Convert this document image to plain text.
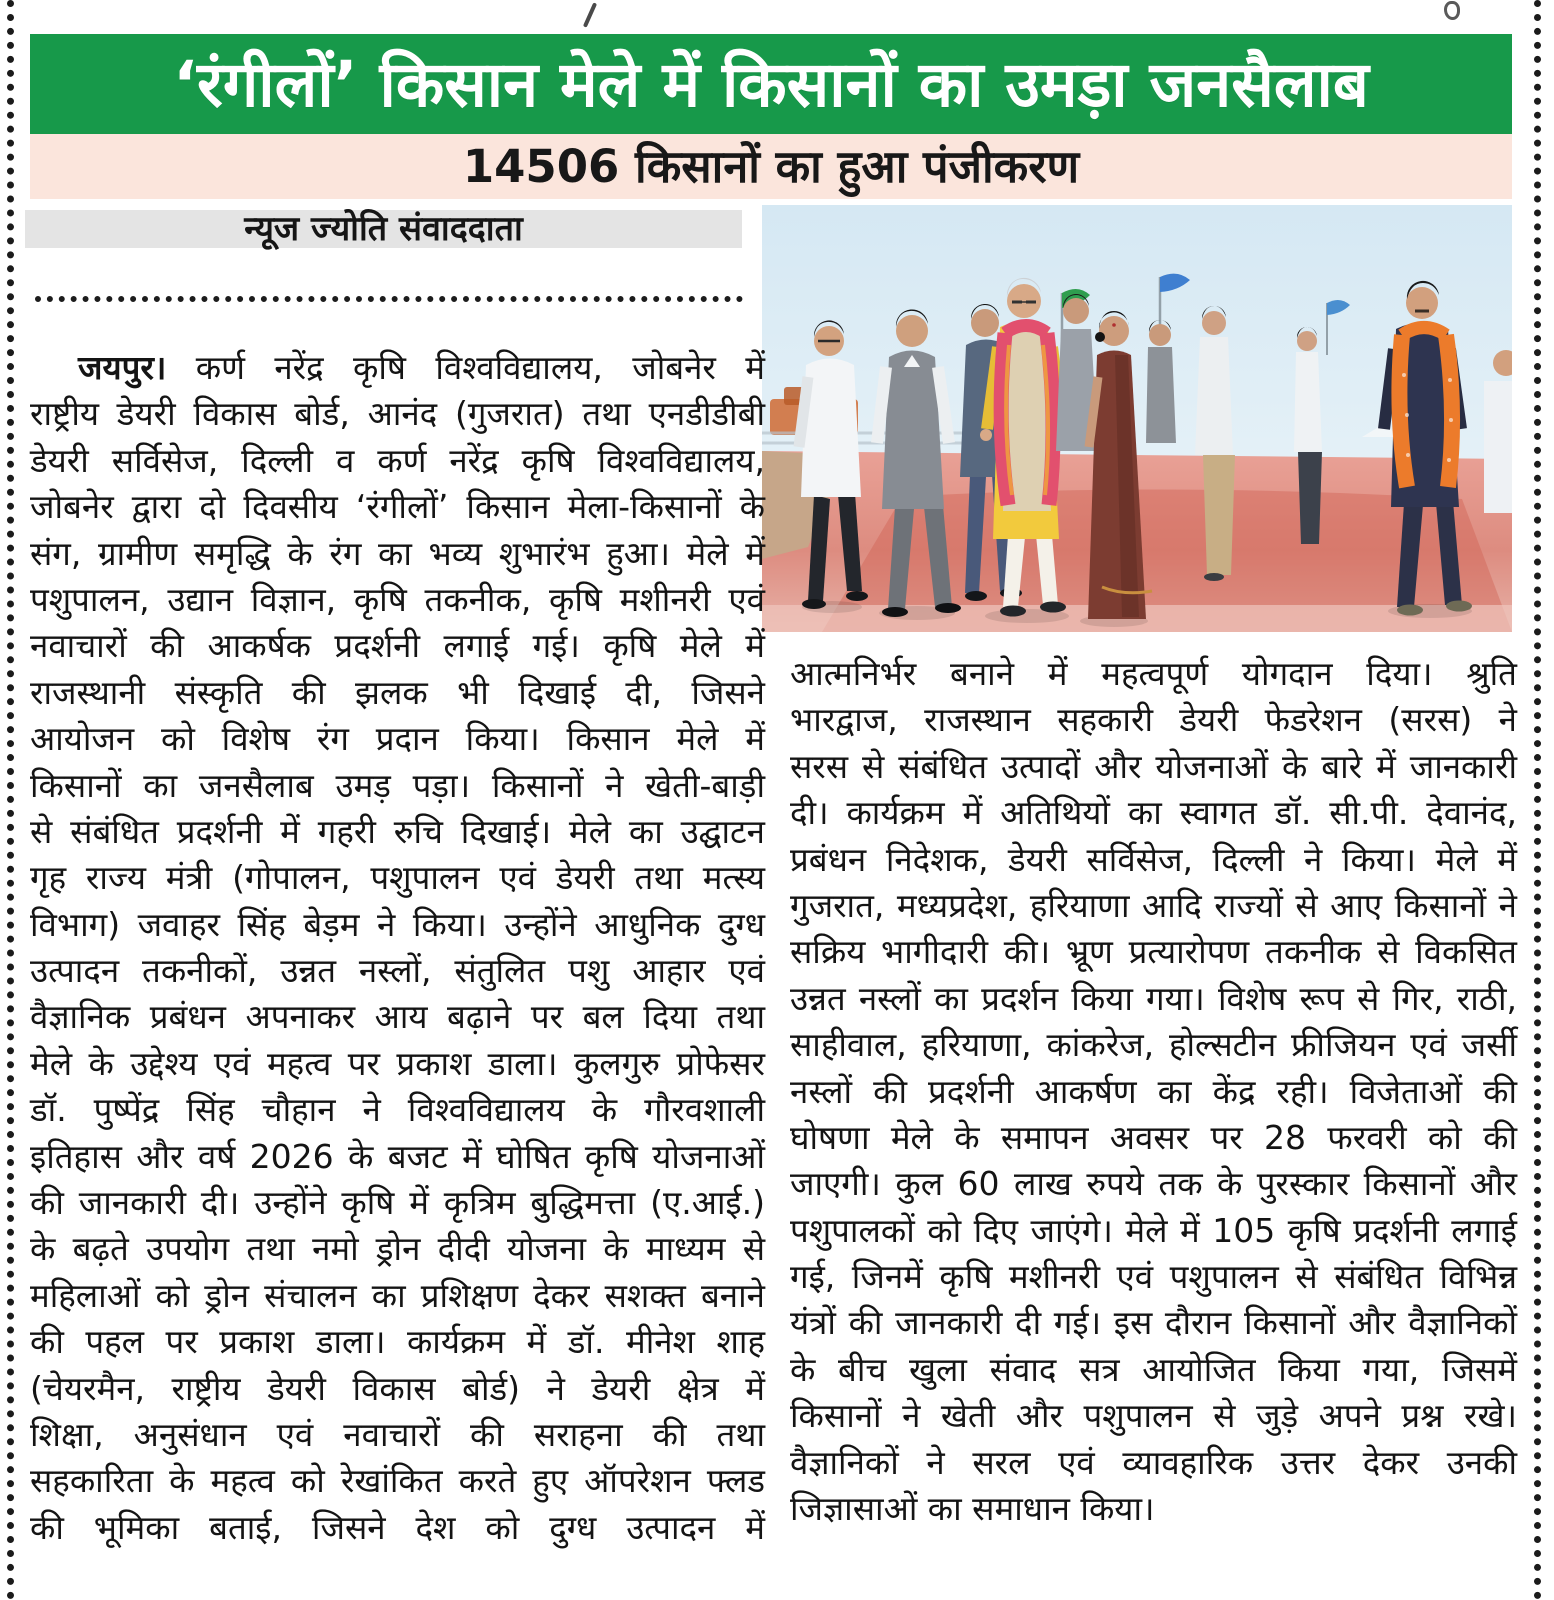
‘रंगीलों’ किसान मेले में किसानों का उमड़ा जनसैलाब
14506 किसानों का हुआ पंजीकरण
न्यूज ज्योति संवाददाता
जयपुर। कर्ण नरेंद्र कृषि विश्वविद्यालय, जोबनेर में
राष्ट्रीय डेयरी विकास बोर्ड, आनंद (गुजरात) तथा एनडीडीबी
डेयरी सर्विसेज, दिल्ली व कर्ण नरेंद्र कृषि विश्वविद्यालय,
जोबनेर द्वारा दो दिवसीय ‘रंगीलों’ किसान मेला-किसानों के
संग, ग्रामीण समृद्धि के रंग का भव्य शुभारंभ हुआ। मेले में
पशुपालन, उद्यान विज्ञान, कृषि तकनीक, कृषि मशीनरी एवं
नवाचारों की आकर्षक प्रदर्शनी लगाई गई। कृषि मेले में
राजस्थानी संस्कृति की झलक भी दिखाई दी, जिसने
आयोजन को विशेष रंग प्रदान किया। किसान मेले में
किसानों का जनसैलाब उमड़ पड़ा। किसानों ने खेती-बाड़ी
से संबंधित प्रदर्शनी में गहरी रुचि दिखाई। मेले का उद्घाटन
गृह राज्य मंत्री (गोपालन, पशुपालन एवं डेयरी तथा मत्स्य
विभाग) जवाहर सिंह बेड़म ने किया। उन्होंने आधुनिक दुग्ध
उत्पादन तकनीकों, उन्नत नस्लों, संतुलित पशु आहार एवं
वैज्ञानिक प्रबंधन अपनाकर आय बढ़ाने पर बल दिया तथा
मेले के उद्देश्य एवं महत्व पर प्रकाश डाला। कुलगुरु प्रोफेसर
डॉ. पुष्पेंद्र सिंह चौहान ने विश्वविद्यालय के गौरवशाली
इतिहास और वर्ष 2026 के बजट में घोषित कृषि योजनाओं
की जानकारी दी। उन्होंने कृषि में कृत्रिम बुद्धिमत्ता (ए.आई.)
के बढ़ते उपयोग तथा नमो ड्रोन दीदी योजना के माध्यम से
महिलाओं को ड्रोन संचालन का प्रशिक्षण देकर सशक्त बनाने
की पहल पर प्रकाश डाला। कार्यक्रम में डॉ. मीनेश शाह
(चेयरमैन, राष्ट्रीय डेयरी विकास बोर्ड) ने डेयरी क्षेत्र में
शिक्षा, अनुसंधान एवं नवाचारों की सराहना की तथा
सहकारिता के महत्व को रेखांकित करते हुए ऑपरेशन फ्लड
की भूमिका बताई, जिसने देश को दुग्ध उत्पादन में
आत्मनिर्भर बनाने में महत्वपूर्ण योगदान दिया। श्रुति
भारद्वाज, राजस्थान सहकारी डेयरी फेडरेशन (सरस) ने
सरस से संबंधित उत्पादों और योजनाओं के बारे में जानकारी
दी। कार्यक्रम में अतिथियों का स्वागत डॉ. सी.पी. देवानंद,
प्रबंधन निदेशक, डेयरी सर्विसेज, दिल्ली ने किया। मेले में
गुजरात, मध्यप्रदेश, हरियाणा आदि राज्यों से आए किसानों ने
सक्रिय भागीदारी की। भ्रूण प्रत्यारोपण तकनीक से विकसित
उन्नत नस्लों का प्रदर्शन किया गया। विशेष रूप से गिर, राठी,
साहीवाल, हरियाणा, कांकरेज, होल्सटीन फ्रीजियन एवं जर्सी
नस्लों की प्रदर्शनी आकर्षण का केंद्र रही। विजेताओं की
घोषणा मेले के समापन अवसर पर 28 फरवरी को की
जाएगी। कुल 60 लाख रुपये तक के पुरस्कार किसानों और
पशुपालकों को दिए जाएंगे। मेले में 105 कृषि प्रदर्शनी लगाई
गई, जिनमें कृषि मशीनरी एवं पशुपालन से संबंधित विभिन्न
यंत्रों की जानकारी दी गई। इस दौरान किसानों और वैज्ञानिकों
के बीच खुला संवाद सत्र आयोजित किया गया, जिसमें
किसानों ने खेती और पशुपालन से जुड़े अपने प्रश्न रखे।
वैज्ञानिकों ने सरल एवं व्यावहारिक उत्तर देकर उनकी
जिज्ञासाओं का समाधान किया।
